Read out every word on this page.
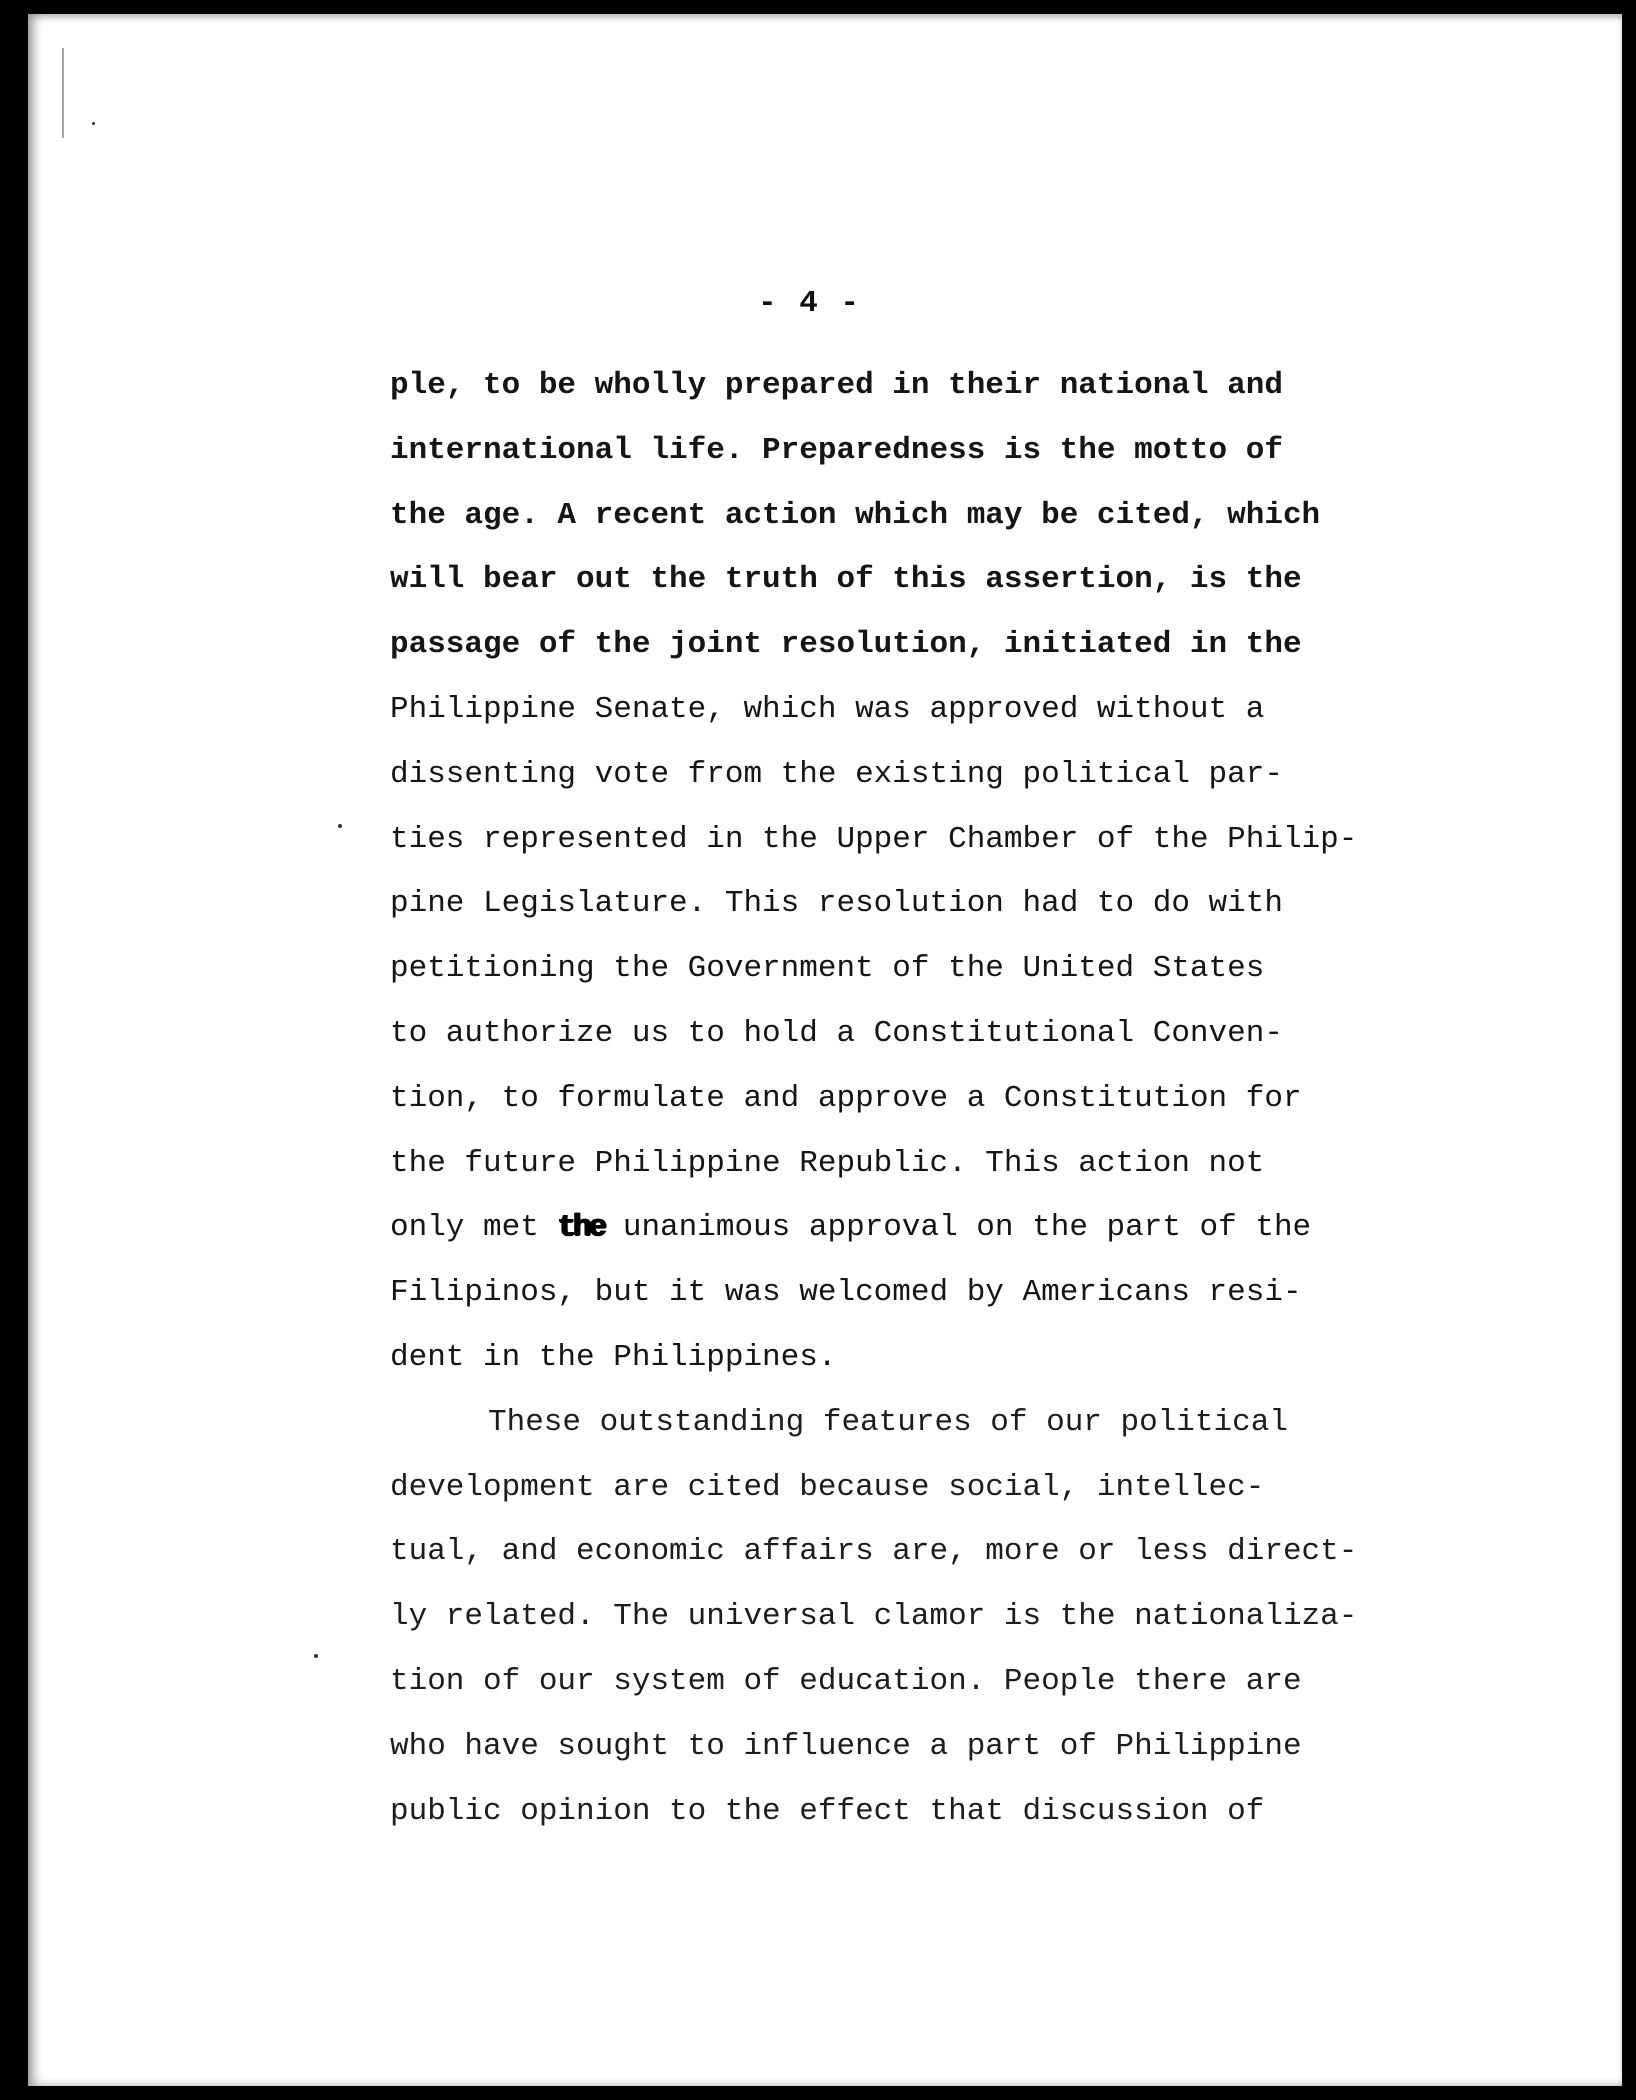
- 4 -
ple, to be wholly prepared in their national and
international life. Preparedness is the motto of
the age. A recent action which may be cited, which
will bear out the truth of this assertion, is the
passage of the joint resolution, initiated in the
Philippine Senate, which was approved without a
dissenting vote from the existing political par-
ties represented in the Upper Chamber of the Philip-
pine Legislature. This resolution had to do with
petitioning the Government of the United States
to authorize us to hold a Constitutional Conven-
tion, to formulate and approve a Constitution for
the future Philippine Republic. This action not
only met the unanimous approval on the part of the
Filipinos, but it was welcomed by Americans resi-
dent in the Philippines.
These outstanding features of our political
development are cited because social, intellec-
tual, and economic affairs are, more or less direct-
ly related. The universal clamor is the nationaliza-
tion of our system of education. People there are
who have sought to influence a part of Philippine
public opinion to the effect that discussion of
